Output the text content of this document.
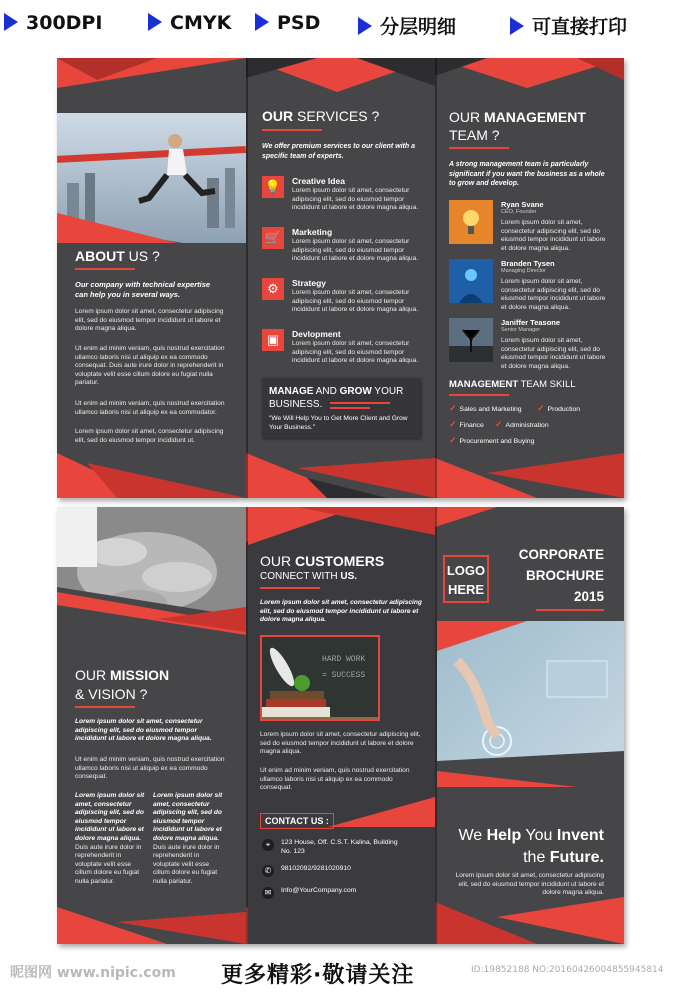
300DPI	CMYK	PSD	分层明细	可直接打印
ABOUT US ?
Our company with technical expertise can help you in several ways.
Lorem ipsum dolor sit amet, consectetur adipiscing elit, sed do eiusmod tempor incididunt ut labore et dolore magna aliqua.
Ut enim ad minim veniam, quis nostrud exercitation ullamco laboris nisi ut aliquip ex ea commodo consequat. Duis aute irure dolor in reprehenderit in voluptate velit esse cillum dolore eu fugiat nulla pariatur.
Ut enim ad minim veniam, quis nostrud exercitation ullamco laboris nisi ut aliquip ex ea commodator.
Lorem ipsum dolor sit amet, consectetur adipiscing elit, sed do eiusmod tempor incididunt ut.
OUR SERVICES ?
We offer premium services to our client with a specific team of experts.
💡	Creative Idea
Lorem ipsum dolor sit amet, consectetur adipiscing elit, sed do eiusmod tempor incididunt ut labore et dolore magna aliqua.
🛒	Marketing
Lorem ipsum dolor sit amet, consectetur adipiscing elit, sed do eiusmod tempor incididunt ut labore et dolore magna aliqua.
⚙	Strategy
Lorem ipsum dolor sit amet, consectetur adipiscing elit, sed do eiusmod tempor incididunt ut labore et dolore magna aliqua.
▣	Devlopment
Lorem ipsum dolor sit amet, consectetur adipiscing elit, sed do eiusmod tempor incididunt ut labore et dolore magna aliqua.
MANAGE AND GROW YOUR
BUSINESS.
"We Will Help You to Get More Client and Grow Your Business."
OUR MANAGEMENT
TEAM ?
A strong management team is particularly significant if you want the business as a whole to grow and develop.
Ryan Svane
CEO, Founder
Lorem ipsum dolor sit amet, consectetur adipiscing elit, sed do eiusmod tempor incididunt ut labore et dolore magna aliqua.
Branden Tysen
Managing Director
Lorem ipsum dolor sit amet, consectetur adipiscing elit, sed do eiusmod tempor incididunt ut labore et dolore magna aliqua.
Janiffer Teasone
Senior Manager
Lorem ipsum dolor sit amet, consectetur adipiscing elit, sed do eiusmod tempor incididunt ut labore et dolore magna aliqua.
MANAGEMENT TEAM SKILL
✓ Sales and Marketing ✓ Production
✓ Finance ✓ Administration
✓ Procurement and Buying
OUR MISSION
& VISION ?
Lorem ipsum dolor sit amet, consectetur adipiscing elit, sed do eiusmod tempor incididunt ut labore et dolore magna aliqua.
Ut enim ad minim veniam, quis nostrud exercitation ullamco laboris nisi ut aliquip ex ea commodo consequat.
Lorem ipsum dolor sit amet, consectetur adipiscing elit, sed do eiusmod tempor incididunt ut labore et dolore magna aliqua.
Duis aute irure dolor in reprehenderit in voluptate velit esse cillum dolore eu fugiat nulla pariatur.
Lorem ipsum dolor sit amet, consectetur adipiscing elit, sed do eiusmod tempor incididunt ut labore et dolore magna aliqua.
Duis aute irure dolor in reprehenderit in voluptate velit esse cillum dolore eu fugiat nulla pariatur.
OUR CUSTOMERS
CONNECT WITH US.
Lorem ipsum dolor sit amet, consectetur adipiscing elit, sed do eiusmod tempor incididunt ut labore et dolore magna aliqua.
HARD WORK
= SUCCESS
Lorem ipsum dolor sit amet, consectetur adipiscing elit, sed do eiusmod tempor incididunt ut labore et dolore magna aliqua.
Ut enim ad minim veniam, quis nostrud exercitation ullamco laboris nisi ut aliquip ex ea commodo consequat.
CONTACT US :
⌖	123 House, Off. C.S.T. Kalina, Building No. 123
✆	98102092/9281020910
✉	Info@YourCompany.com
LOGO
HERE
CORPORATE
BROCHURE
2015
We Help You Invent
the Future.
Lorem ipsum dolor sit amet, consectetur adipiscing elit, sed do eiusmod tempor incididunt ut labore et dolore magna aliqua.
昵图网 www.nipic.com 更多精彩·敬请关注	ID:19852188 NO:20160426004855945814
